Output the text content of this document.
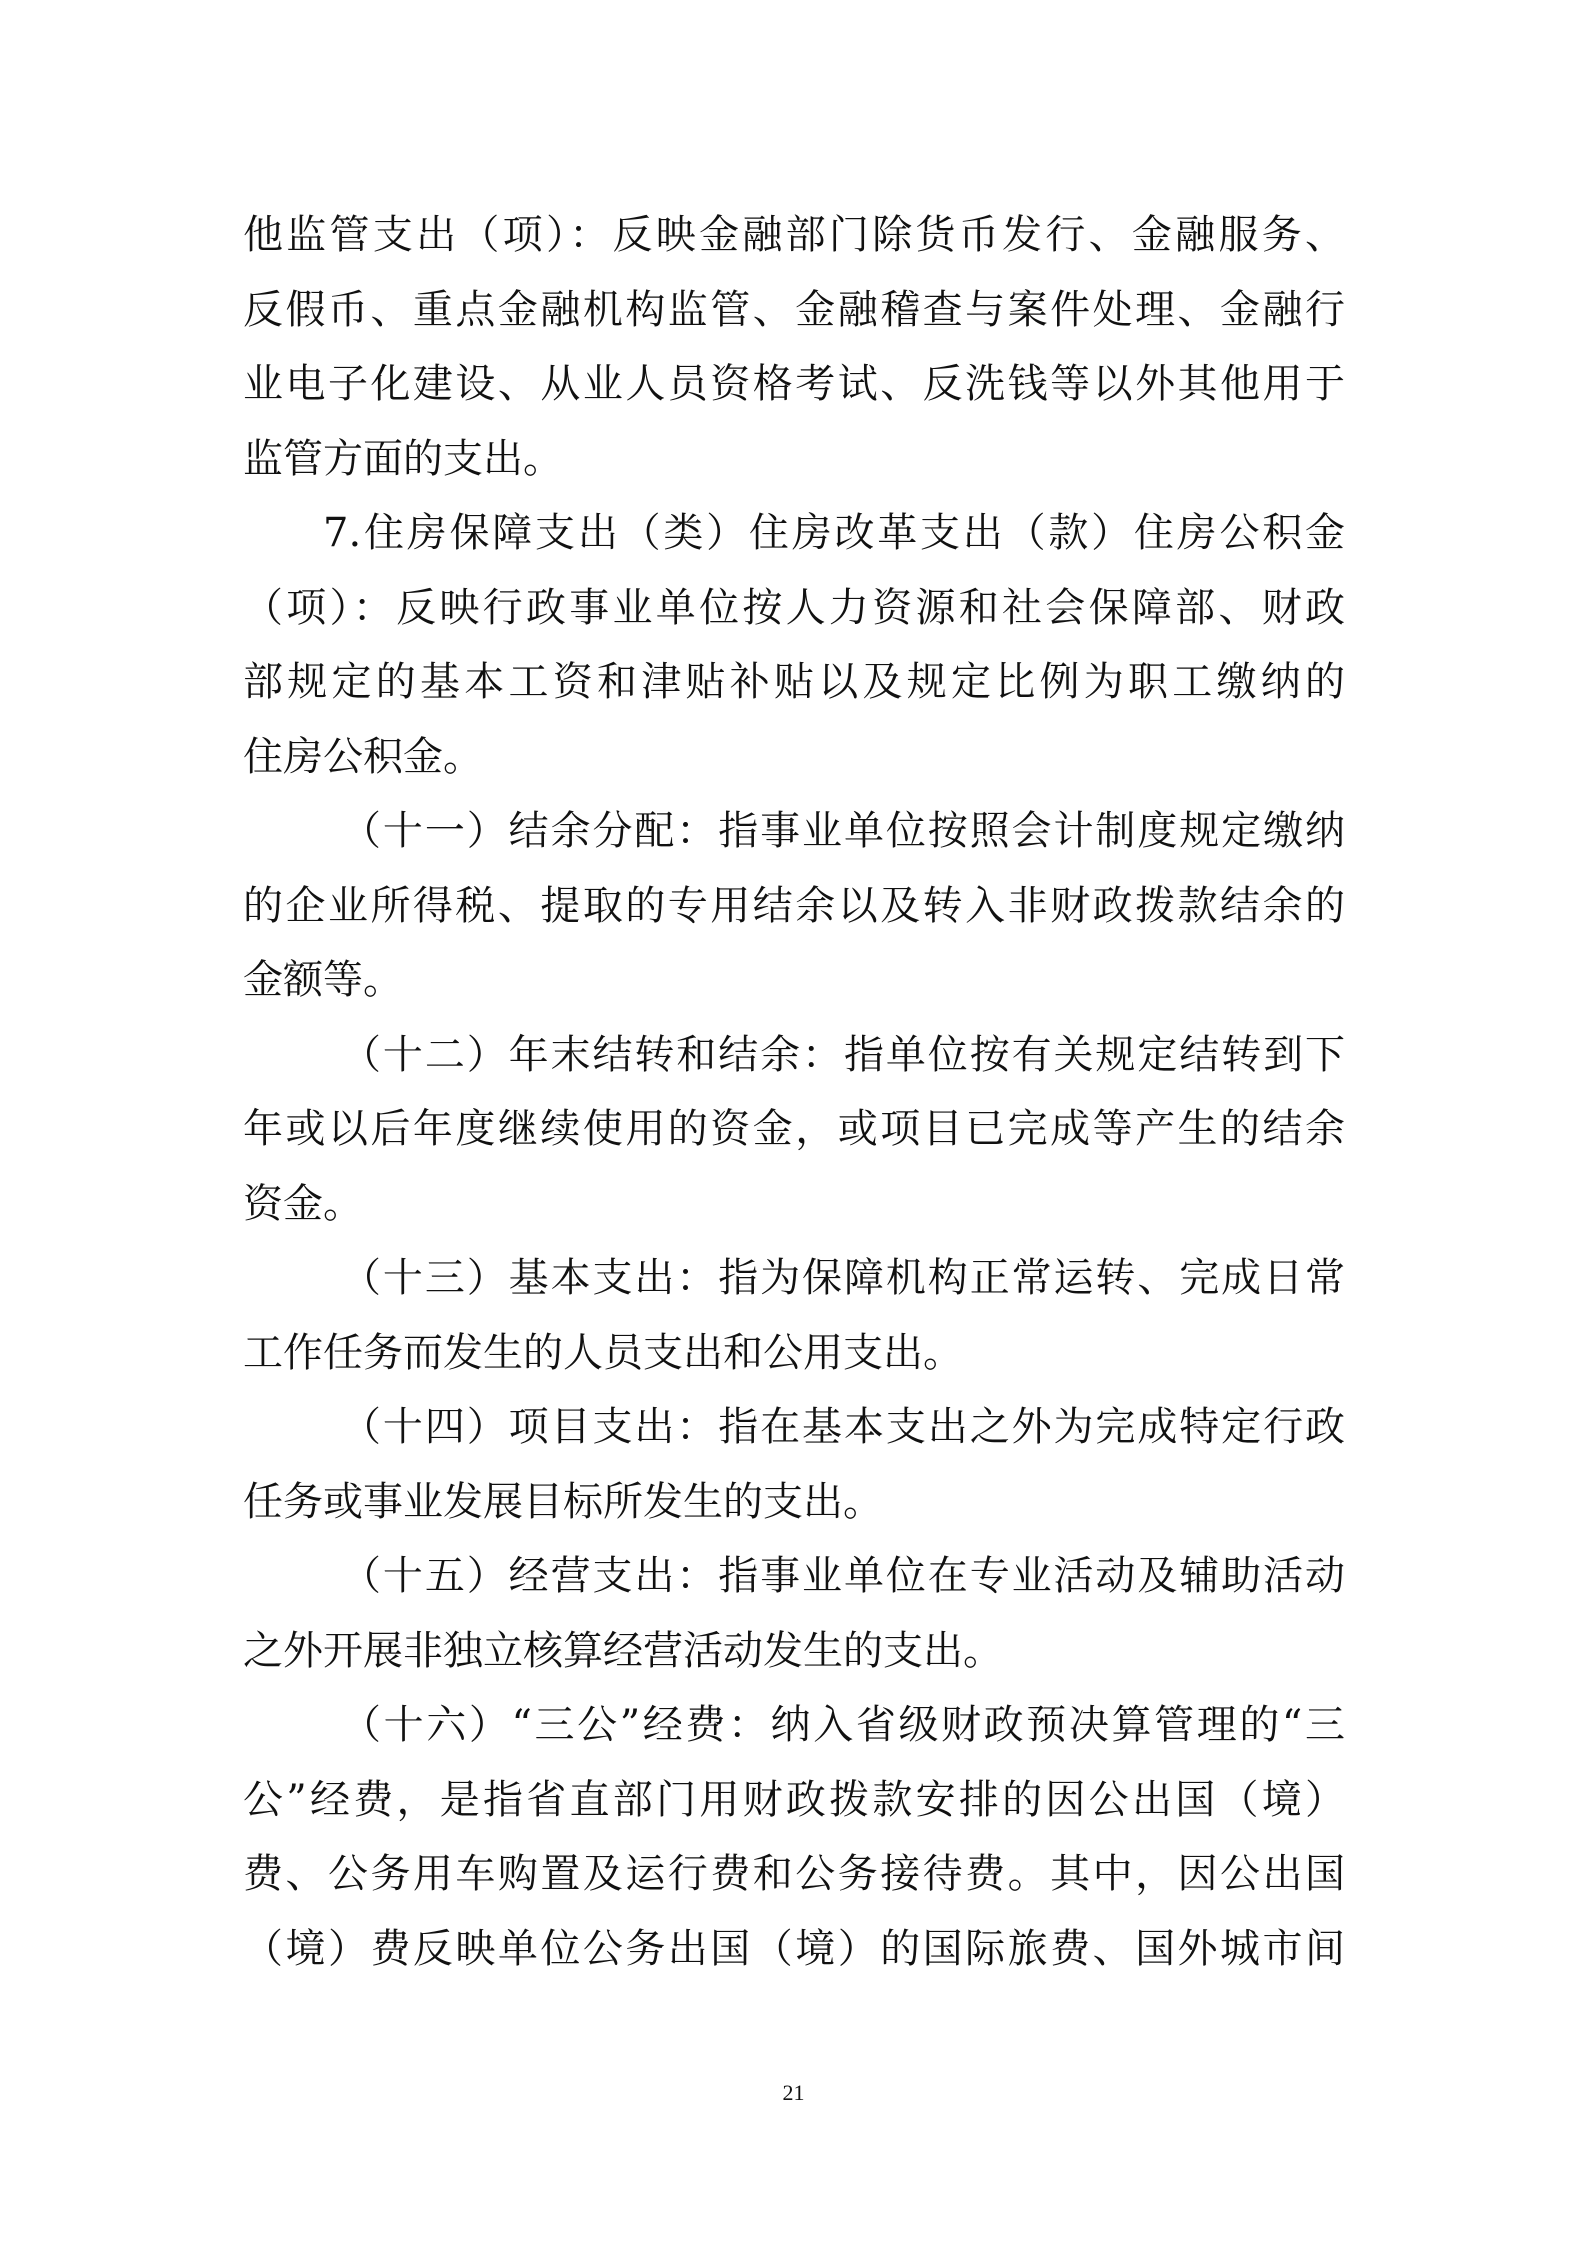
他监管支出（项）：反映金融部门除货币发行、金融服务、
反假币、重点金融机构监管、金融稽查与案件处理、金融行
业电子化建设、从业人员资格考试、反洗钱等以外其他用于
监管方面的支出。
7.住房保障支出（类）住房改革支出（款）住房公积金
（项）：反映行政事业单位按人力资源和社会保障部、财政
部规定的基本工资和津贴补贴以及规定比例为职工缴纳的
住房公积金。
（十一）结余分配：指事业单位按照会计制度规定缴纳
的企业所得税、提取的专用结余以及转入非财政拨款结余的
金额等。
（十二）年末结转和结余：指单位按有关规定结转到下
年或以后年度继续使用的资金，或项目已完成等产生的结余
资金。
（十三）基本支出：指为保障机构正常运转、完成日常
工作任务而发生的人员支出和公用支出。
（十四）项目支出：指在基本支出之外为完成特定行政
任务或事业发展目标所发生的支出。
（十五）经营支出：指事业单位在专业活动及辅助活动
之外开展非独立核算经营活动发生的支出。
（十六）“三公”经费：纳入省级财政预决算管理的“三
公”经费，是指省直部门用财政拨款安排的因公出国（境）
费、公务用车购置及运行费和公务接待费。其中，因公出国
（境）费反映单位公务出国（境）的国际旅费、国外城市间
21
